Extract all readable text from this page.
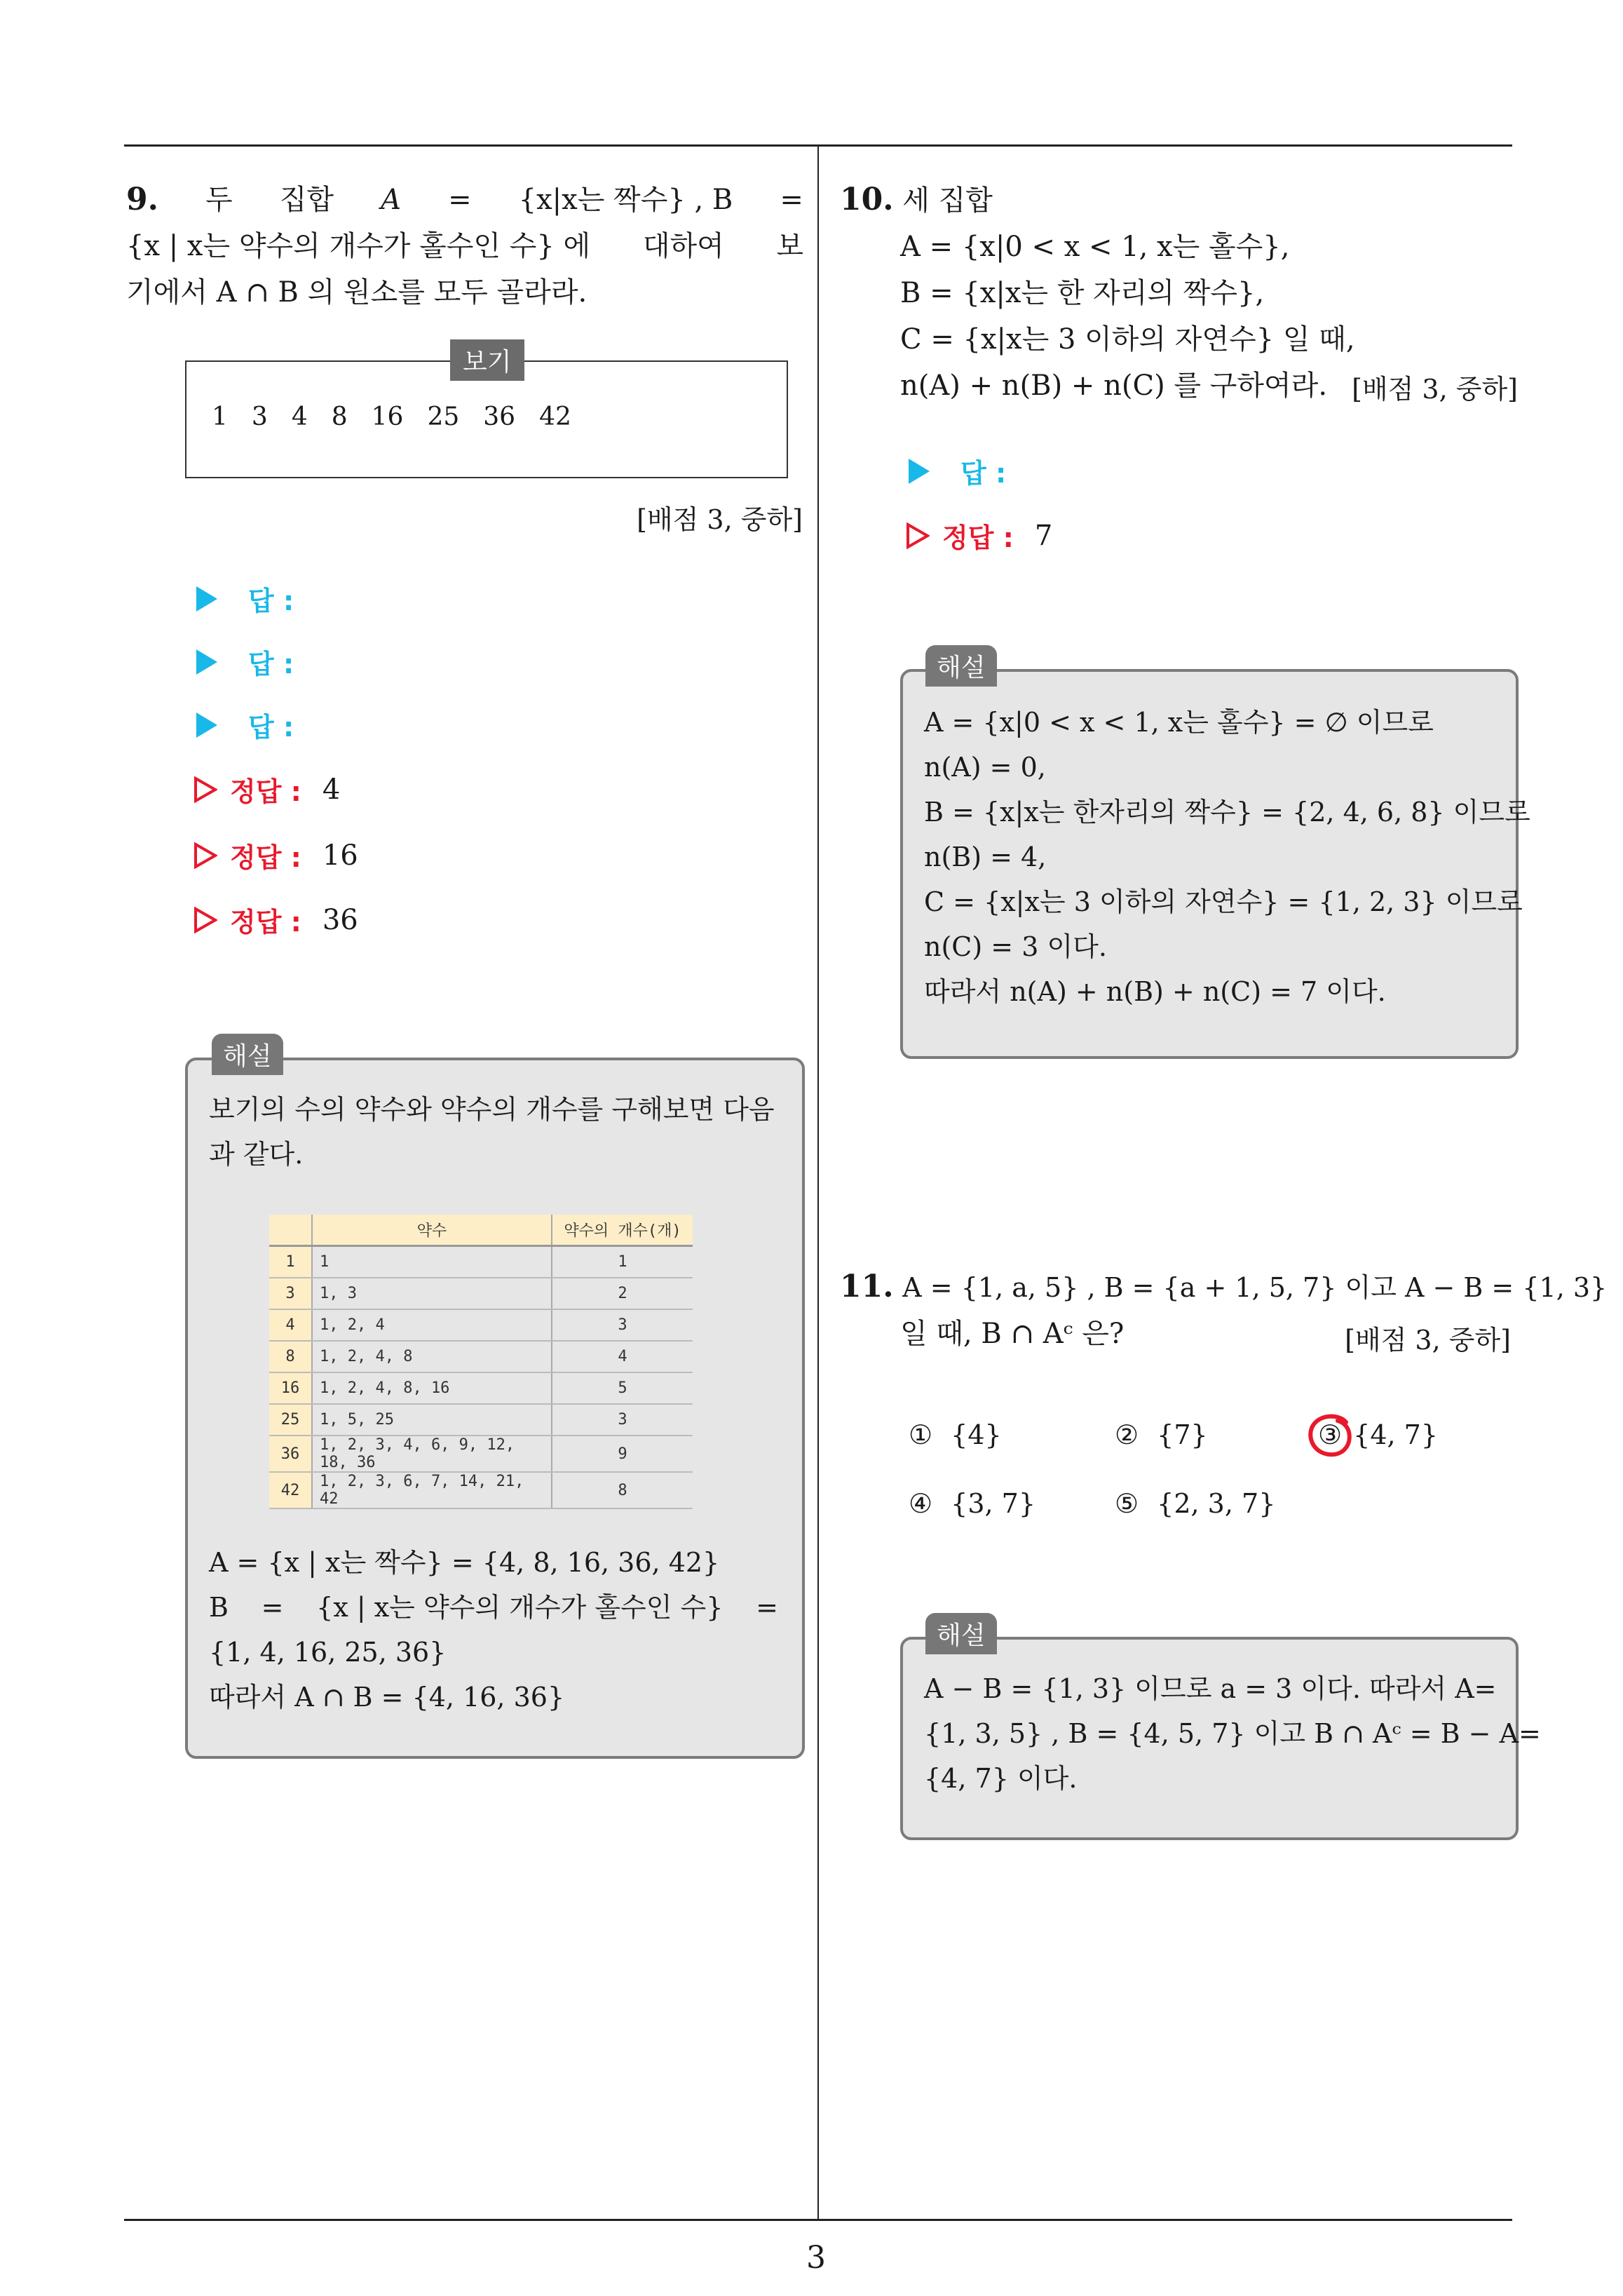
9. 두 집합 A = {x|x는 짝수} , B =
{x | x는 약수의 개수가 홀수인 수} 에 대하여 보
기에서 A ∩ B 의 원소를 모두 골라라.
보기
1 3 4 8 16 25 36 42
[배점 3, 중하]
답 :
답 :
답 :
정답 : 4
정답 : 16
정답 : 36
해설
보기의 수의 약수와 약수의 개수를 구해보면 다음
과 같다.
	약수	약수의 개수(개)
1	1	1
3	1, 3	2
4	1, 2, 4	3
8	1, 2, 4, 8	4
16	1, 2, 4, 8, 16	5
25	1, 5, 25	3
36	1, 2, 3, 4, 6, 9, 12, 18, 36	9
42	1, 2, 3, 6, 7, 14, 21, 42	8
A = {x | x는 짝수} = {4, 8, 16, 36, 42}
B = {x | x는 약수의 개수가 홀수인 수} =
{1, 4, 16, 25, 36}
따라서 A ∩ B = {4, 16, 36}
10. 세 집합
A = {x|0 < x < 1, x는 홀수},
B = {x|x는 한 자리의 짝수},
C = {x|x는 3 이하의 자연수} 일 때,
n(A) + n(B) + n(C) 를 구하여라. [배점 3, 중하]
답 :
정답 : 7
해설
A = {x|0 < x < 1, x는 홀수} = ∅ 이므로
n(A) = 0,
B = {x|x는 한자리의 짝수} = {2, 4, 6, 8} 이므로
n(B) = 4,
C = {x|x는 3 이하의 자연수} = {1, 2, 3} 이므로
n(C) = 3 이다.
따라서 n(A) + n(B) + n(C) = 7 이다.
11. A = {1, a, 5} , B = {a + 1, 5, 7} 이고 A − B = {1, 3}
일 때, B ∩ Aᶜ 은?	[배점 3, 중하]
① {4}	② {7}	③ {4, 7}
④ {3, 7}	⑤ {2, 3, 7}
해설
A − B = {1, 3} 이므로 a = 3 이다. 따라서 A =
{1, 3, 5} , B = {4, 5, 7} 이고 B ∩ Aᶜ = B − A =
{4, 7} 이다.
3
